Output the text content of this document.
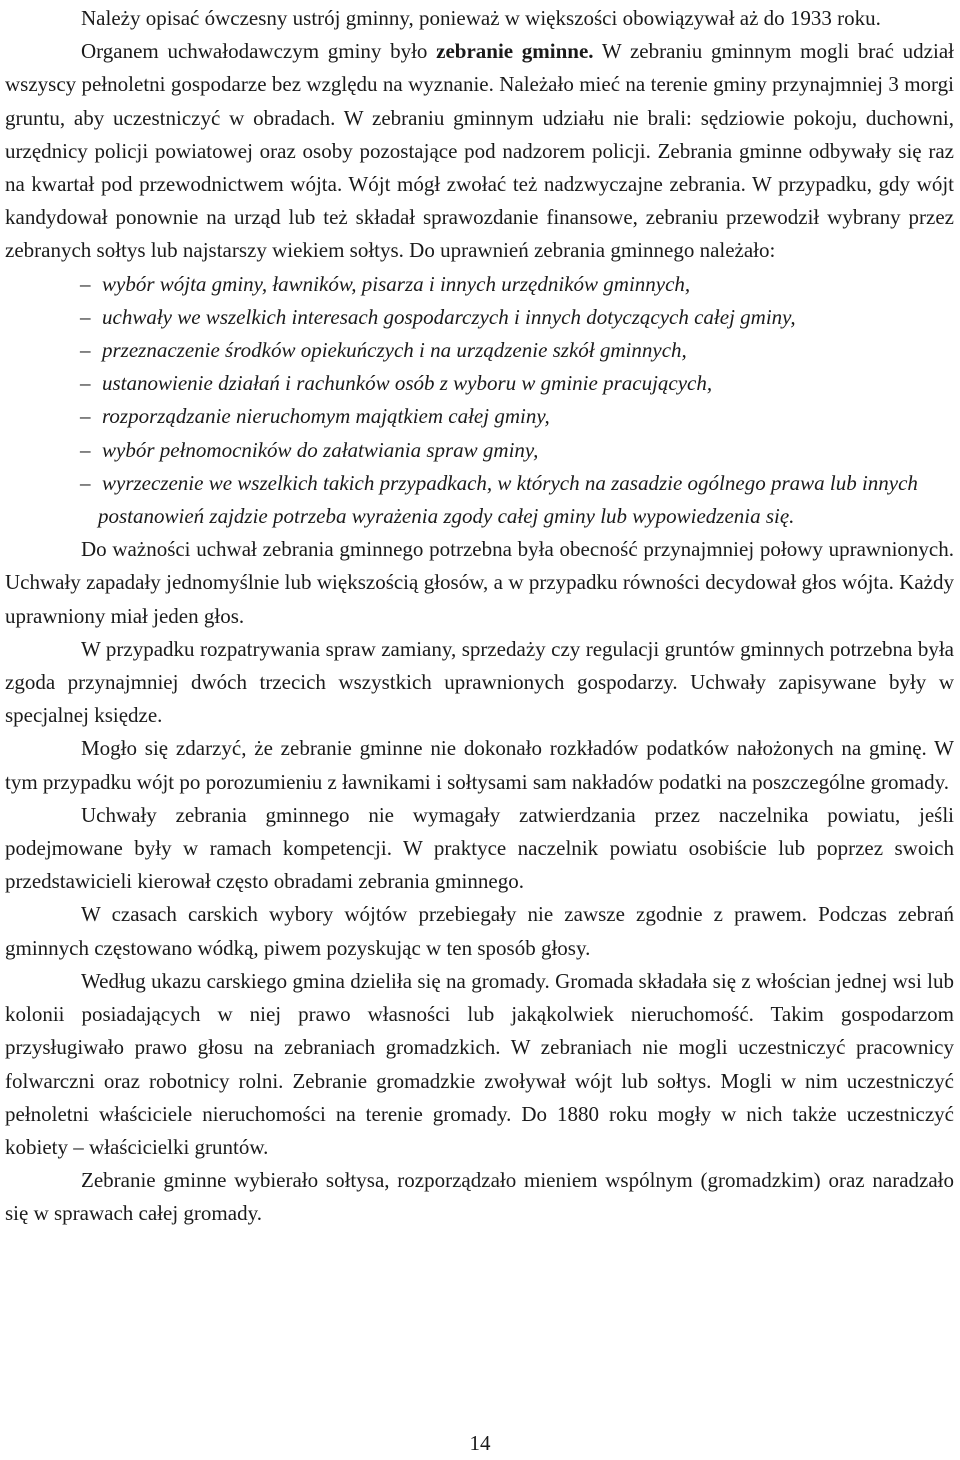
Należy opisać ówczesny ustrój gminny, ponieważ w większości obowiązywał aż do 1933 roku.

Organem uchwałodawczym gminy było zebranie gminne. W zebraniu gminnym mogli brać udział wszyscy pełnoletni gospodarze bez względu na wyznanie. Należało mieć na terenie gminy przynajmniej 3 morgi gruntu, aby uczestniczyć w obradach. W zebraniu gminnym udziału nie brali: sędziowie pokoju, duchowni, urzędnicy policji powiatowej oraz osoby pozostające pod nadzorem policji. Zebrania gminne odbywały się raz na kwartał pod przewodnictwem wójta. Wójt mógł zwołać też nadzwyczajne zebrania. W przypadku, gdy wójt kandydował ponownie na urząd lub też składał sprawozdanie finansowe, zebraniu przewodził wybrany przez zebranych sołtys lub najstarszy wiekiem sołtys. Do uprawnień zebrania gminnego należało:

– wybór wójta gminy, ławników, pisarza i innych urzędników gminnych,
– uchwały we wszelkich interesach gospodarczych i innych dotyczących całej gminy,
– przeznaczenie środków opiekuńczych i na urządzenie szkół gminnych,
– ustanowienie działań i rachunków osób z wyboru w gminie pracujących,
– rozporządzanie nieruchomym majątkiem całej gminy,
– wybór pełnomocników do załatwiania spraw gminy,
– wyrzeczenie we wszelkich takich przypadkach, w których na zasadzie ogólnego prawa lub innych postanowień zajdzie potrzeba wyrażenia zgody całej gminy lub wypowiedzenia się.

Do ważności uchwał zebrania gminnego potrzebna była obecność przynajmniej połowy uprawnionych. Uchwały zapadały jednomyślnie lub większością głosów, a w przypadku równości decydował głos wójta. Każdy uprawniony miał jeden głos.

W przypadku rozpatrywania spraw zamiany, sprzedaży czy regulacji gruntów gminnych potrzebna była zgoda przynajmniej dwóch trzecich wszystkich uprawnionych gospodarzy. Uchwały zapisywane były w specjalnej księdze.

Mogło się zdarzyć, że zebranie gminne nie dokonało rozkładów podatków nałożonych na gminę. W tym przypadku wójt po porozumieniu z ławnikami i sołtysami sam nakładów podatki na poszczególne gromady.

Uchwały zebrania gminnego nie wymagały zatwierdzania przez naczelnika powiatu, jeśli podejmowane były w ramach kompetencji. W praktyce naczelnik powiatu osobiście lub poprzez swoich przedstawicieli kierował często obradami zebrania gminnego.

W czasach carskich wybory wójtów przebiegały nie zawsze zgodnie z prawem. Podczas zebrań gminnych częstowano wódką, piwem pozyskując w ten sposób głosy.

Według ukazu carskiego gmina dzieliła się na gromady. Gromada składała się z włościan jednej wsi lub kolonii posiadających w niej prawo własności lub jakąkolwiek nieruchomość. Takim gospodarzom przysługiwało prawo głosu na zebraniach gromadzkich. W zebraniach nie mogli uczestniczyć pracownicy folwarczni oraz robotnicy rolni. Zebranie gromadzkie zwoływał wójt lub sołtys. Mogli w nim uczestniczyć pełnoletni właściciele nieruchomości na terenie gromady. Do 1880 roku mogły w nich także uczestniczyć kobiety – właścicielki gruntów.

Zebranie gminne wybierało sołtysa, rozporządzało mieniem wspólnym (gromadzkim) oraz naradzało się w sprawach całej gromady.

14
